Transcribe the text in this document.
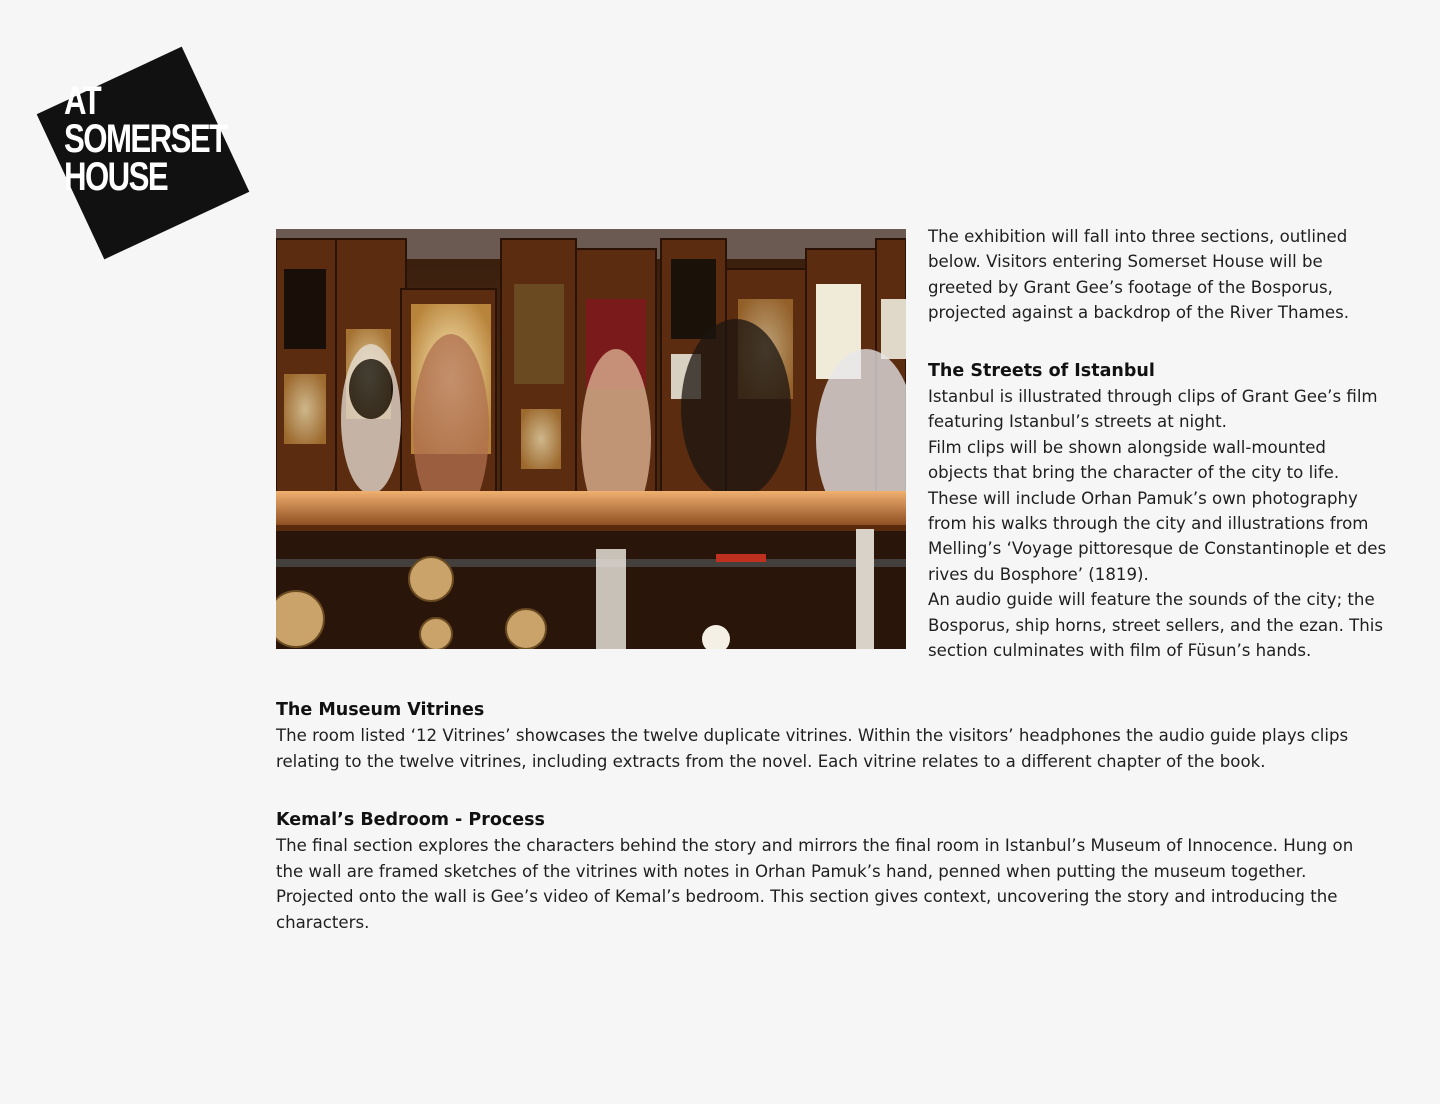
AT
SOMERSET
HOUSE

The exhibition will fall into three sections, outlined below. Visitors entering Somerset House will be greeted by Grant Gee’s footage of the Bosporus, projected against a backdrop of the River Thames.

The Streets of Istanbul

Istanbul is illustrated through clips of Grant Gee’s film featuring Istanbul’s streets at night.

Film clips will be shown alongside wall-mounted objects that bring the character of the city to life. These will include Orhan Pamuk’s own photography from his walks through the city and illustrations from Melling’s ‘Voyage pittoresque de Constantinople et des rives du Bosphore’ (1819).

An audio guide will feature the sounds of the city; the Bosporus, ship horns, street sellers, and the ezan. This section culminates with film of Füsun’s hands.

The Museum Vitrines

The room listed ‘12 Vitrines’ showcases the twelve duplicate vitrines. Within the visitors’ headphones the audio guide plays clips relating to the twelve vitrines, including extracts from the novel. Each vitrine relates to a different chapter of the book.

Kemal’s Bedroom - Process

The final section explores the characters behind the story and mirrors the final room in Istanbul’s Museum of Innocence. Hung on the wall are framed sketches of the vitrines with notes in Orhan Pamuk’s hand, penned when putting the museum together. Projected onto the wall is Gee’s video of Kemal’s bedroom. This section gives context, uncovering the story and introducing the characters.
